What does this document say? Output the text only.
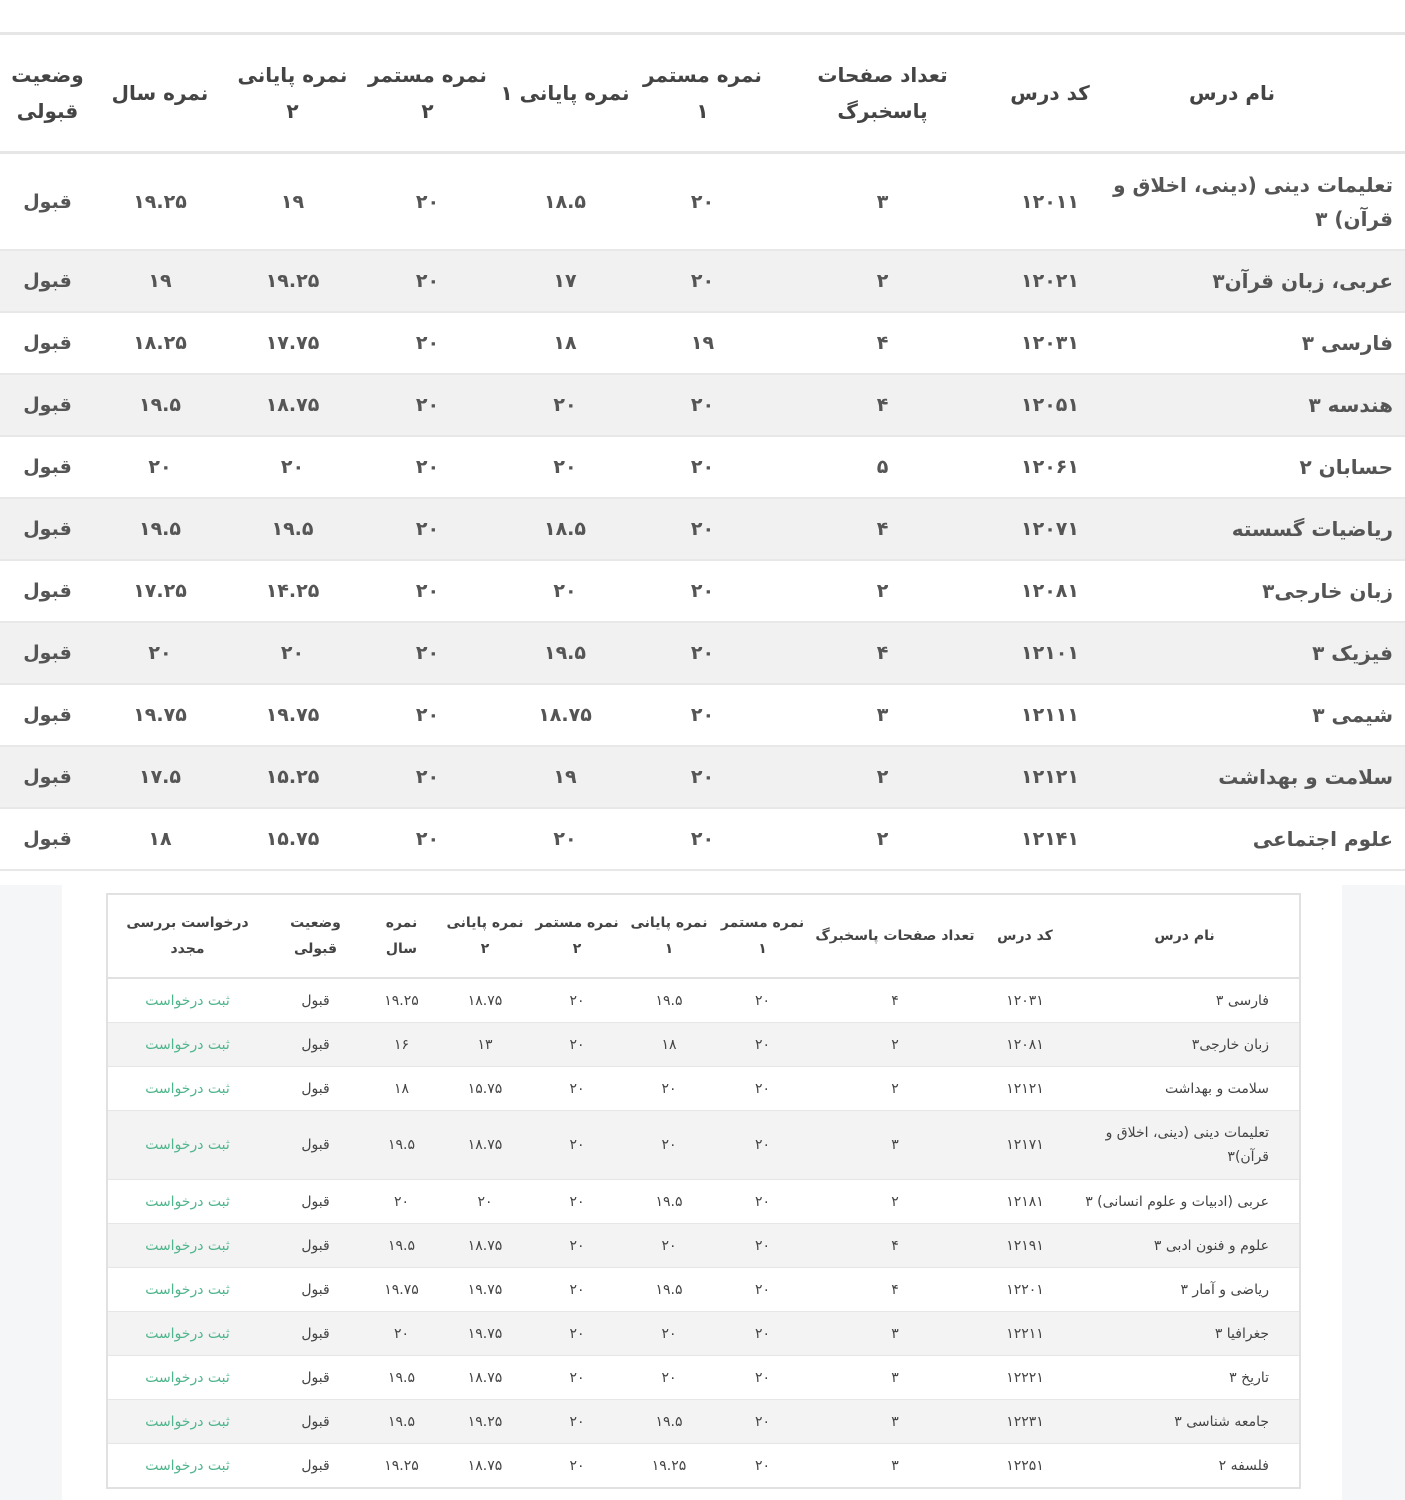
نام درس	کد درس	تعداد صفحات پاسخبرگ	نمره مستمر ۱	نمره پایانی ۱	نمره مستمر ۲	نمره پایانی ۲	نمره سال	وضعیت قبولی
تعلیمات دینی (دینی، اخلاق و قرآن) ۳	۱۲۰۱۱	۳	۲۰	۱۸.۵	۲۰	۱۹	۱۹.۲۵	قبول
عربی، زبان قرآن۳	۱۲۰۲۱	۲	۲۰	۱۷	۲۰	۱۹.۲۵	۱۹	قبول
فارسی ۳	۱۲۰۳۱	۴	۱۹	۱۸	۲۰	۱۷.۷۵	۱۸.۲۵	قبول
هندسه ۳	۱۲۰۵۱	۴	۲۰	۲۰	۲۰	۱۸.۷۵	۱۹.۵	قبول
حسابان ۲	۱۲۰۶۱	۵	۲۰	۲۰	۲۰	۲۰	۲۰	قبول
ریاضیات گسسته	۱۲۰۷۱	۴	۲۰	۱۸.۵	۲۰	۱۹.۵	۱۹.۵	قبول
زبان خارجی۳	۱۲۰۸۱	۲	۲۰	۲۰	۲۰	۱۴.۲۵	۱۷.۲۵	قبول
فیزیک ۳	۱۲۱۰۱	۴	۲۰	۱۹.۵	۲۰	۲۰	۲۰	قبول
شیمی ۳	۱۲۱۱۱	۳	۲۰	۱۸.۷۵	۲۰	۱۹.۷۵	۱۹.۷۵	قبول
سلامت و بهداشت	۱۲۱۲۱	۲	۲۰	۱۹	۲۰	۱۵.۲۵	۱۷.۵	قبول
علوم اجتماعی	۱۲۱۴۱	۲	۲۰	۲۰	۲۰	۱۵.۷۵	۱۸	قبول
نام درس	کد درس	تعداد صفحات پاسخبرگ	نمره مستمر ۱	نمره پایانی ۱	نمره مستمر ۲	نمره پایانی ۲	نمره سال	وضعیت قبولی	درخواست بررسی مجدد
فارسی ۳	۱۲۰۳۱	۴	۲۰	۱۹.۵	۲۰	۱۸.۷۵	۱۹.۲۵	قبول	ثبت درخواست
زبان خارجی۳	۱۲۰۸۱	۲	۲۰	۱۸	۲۰	۱۳	۱۶	قبول	ثبت درخواست
سلامت و بهداشت	۱۲۱۲۱	۲	۲۰	۲۰	۲۰	۱۵.۷۵	۱۸	قبول	ثبت درخواست
تعلیمات دینی (دینی، اخلاق و قرآن)۳	۱۲۱۷۱	۳	۲۰	۲۰	۲۰	۱۸.۷۵	۱۹.۵	قبول	ثبت درخواست
عربی (ادبیات و علوم انسانی) ۳	۱۲۱۸۱	۲	۲۰	۱۹.۵	۲۰	۲۰	۲۰	قبول	ثبت درخواست
علوم و فنون ادبی ۳	۱۲۱۹۱	۴	۲۰	۲۰	۲۰	۱۸.۷۵	۱۹.۵	قبول	ثبت درخواست
ریاضی و آمار ۳	۱۲۲۰۱	۴	۲۰	۱۹.۵	۲۰	۱۹.۷۵	۱۹.۷۵	قبول	ثبت درخواست
جغرافیا ۳	۱۲۲۱۱	۳	۲۰	۲۰	۲۰	۱۹.۷۵	۲۰	قبول	ثبت درخواست
تاریخ ۳	۱۲۲۲۱	۳	۲۰	۲۰	۲۰	۱۸.۷۵	۱۹.۵	قبول	ثبت درخواست
جامعه شناسی ۳	۱۲۲۳۱	۳	۲۰	۱۹.۵	۲۰	۱۹.۲۵	۱۹.۵	قبول	ثبت درخواست
فلسفه ۲	۱۲۲۵۱	۳	۲۰	۱۹.۲۵	۲۰	۱۸.۷۵	۱۹.۲۵	قبول	ثبت درخواست
